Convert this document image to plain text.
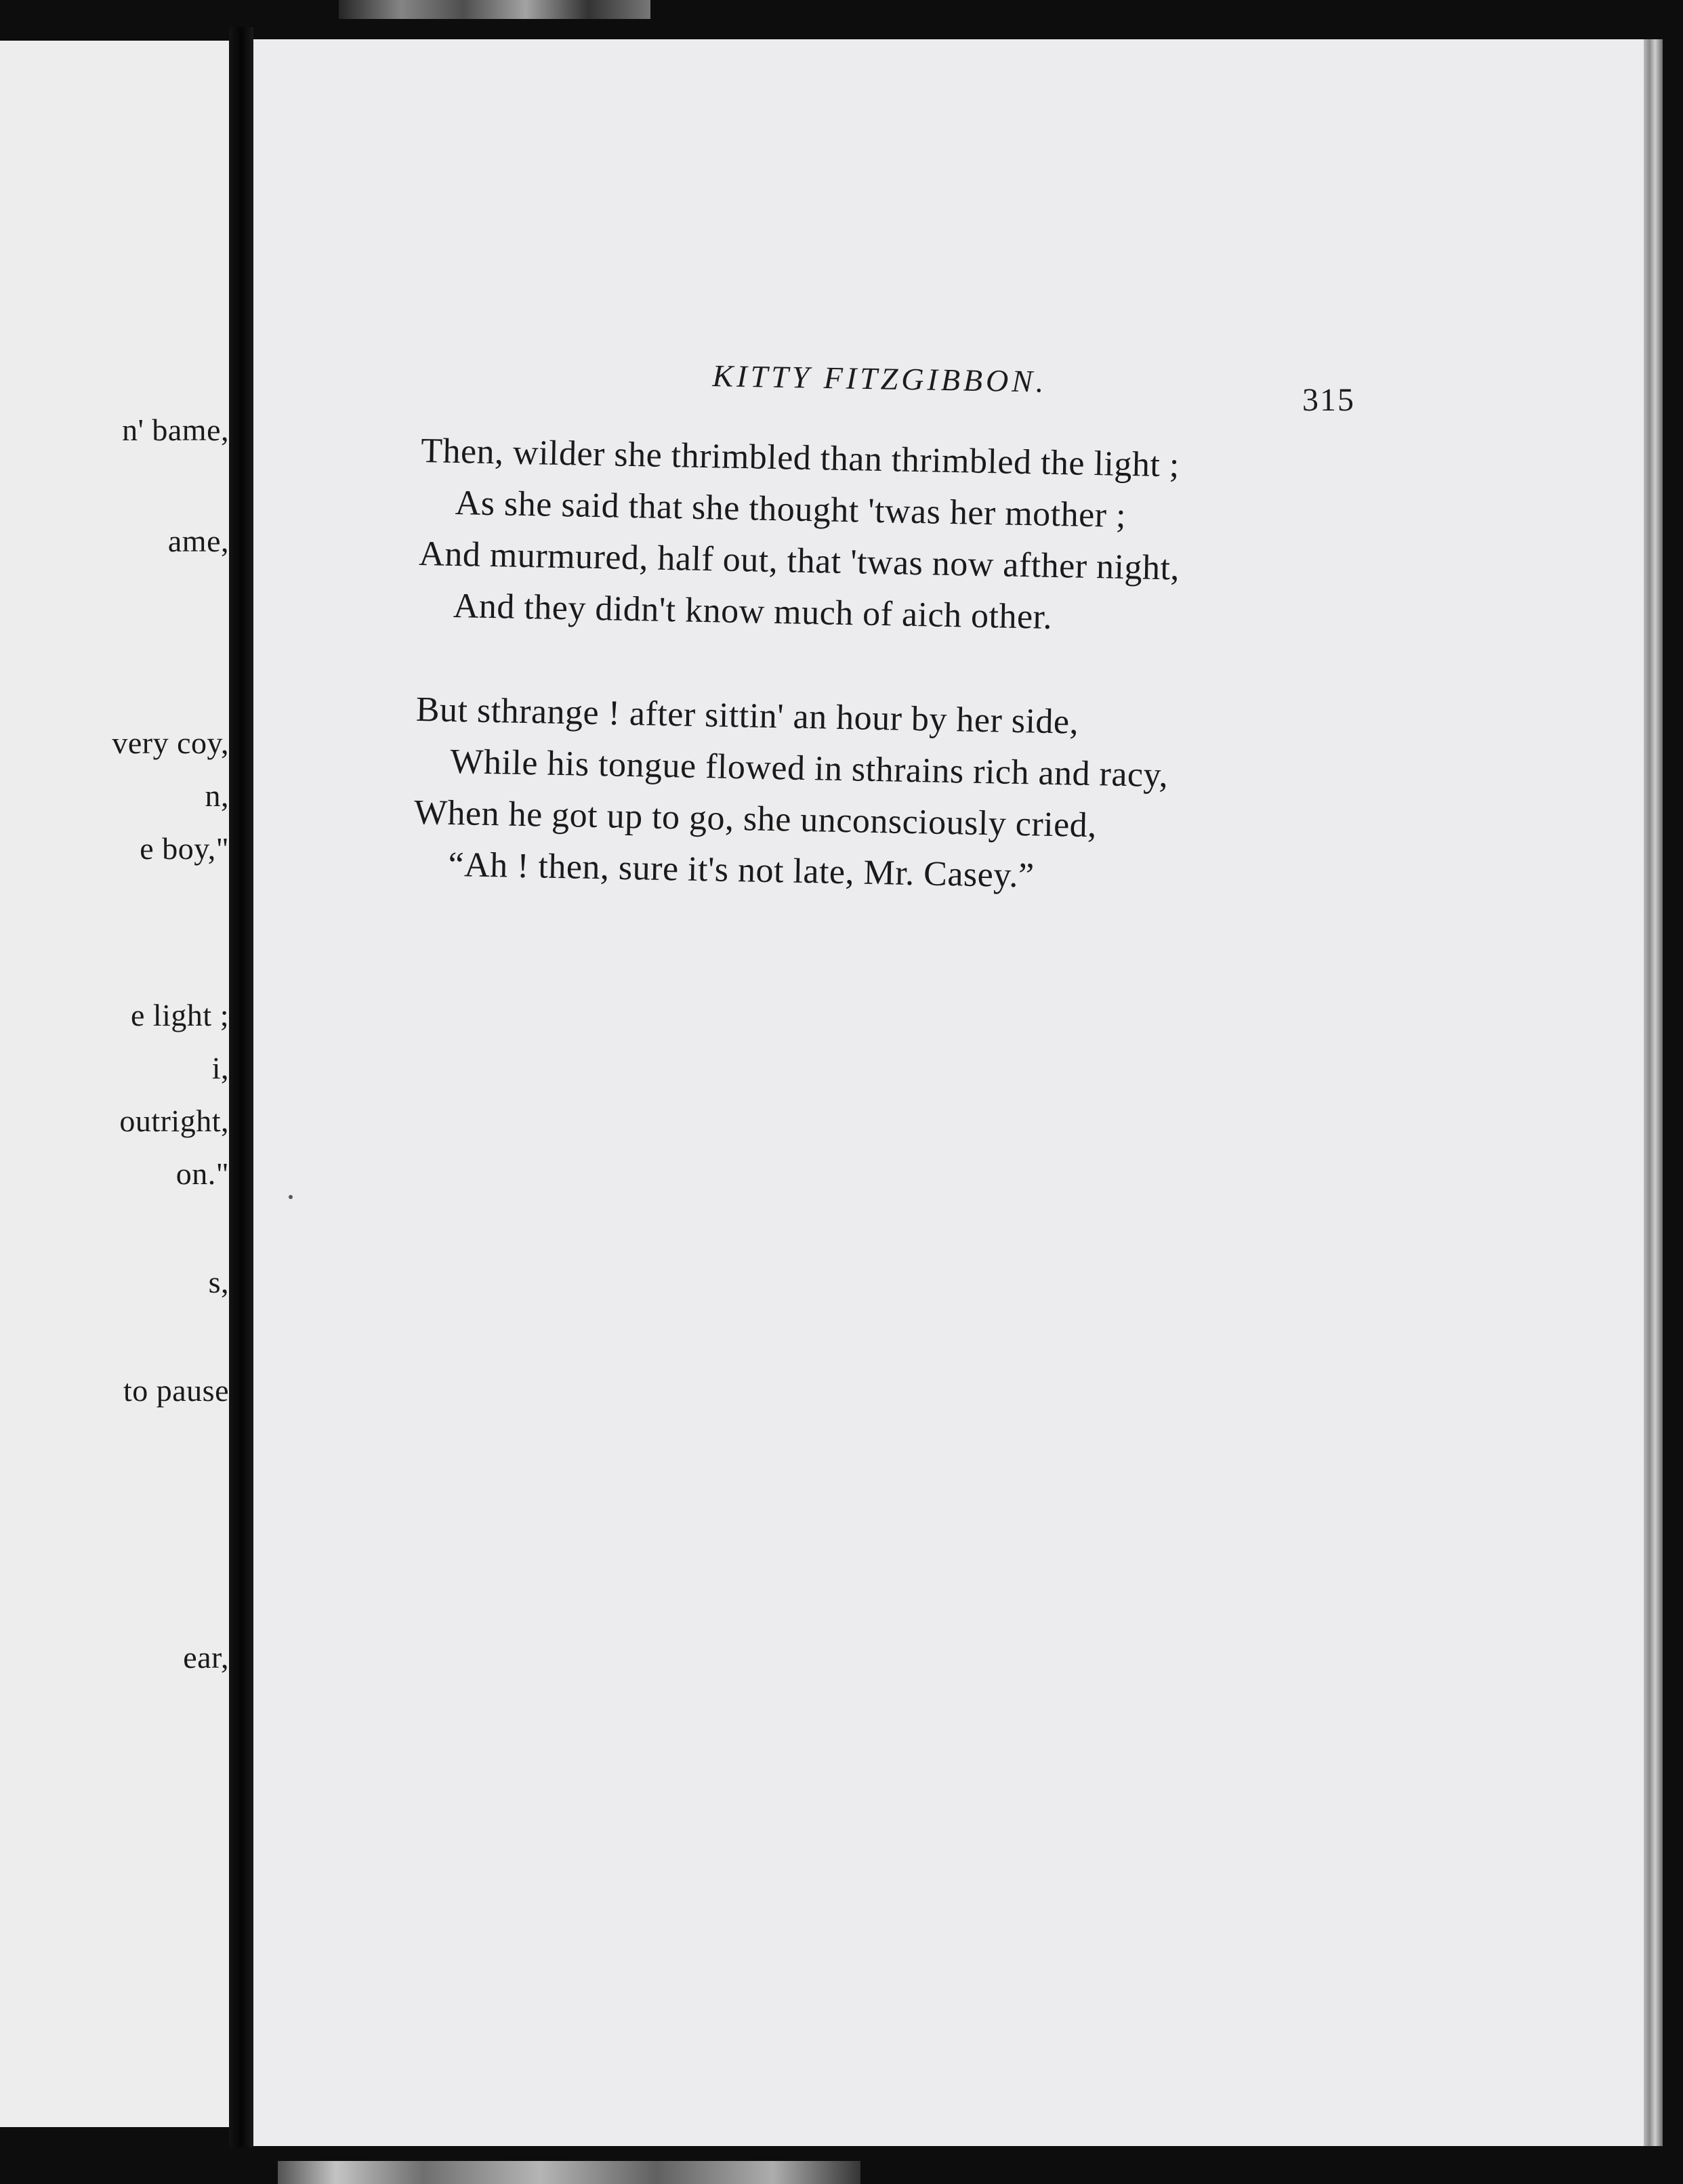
n' bame,
ame,
very coy,
n,
e boy,"
e light ;
i,
outright,
on."
s,
to pause
ear,
KITTY FITZGIBBON.
315
Then, wilder she thrimbled than thrimbled the light ;
As she said that she thought 'twas her mother ;
And murmured, half out, that 'twas now afther night,
And they didn't know much of aich other.
But sthrange ! after sittin' an hour by her side,
While his tongue flowed in sthrains rich and racy,
When he got up to go, she unconsciously cried,
“Ah ! then, sure it's not late, Mr. Casey.”
